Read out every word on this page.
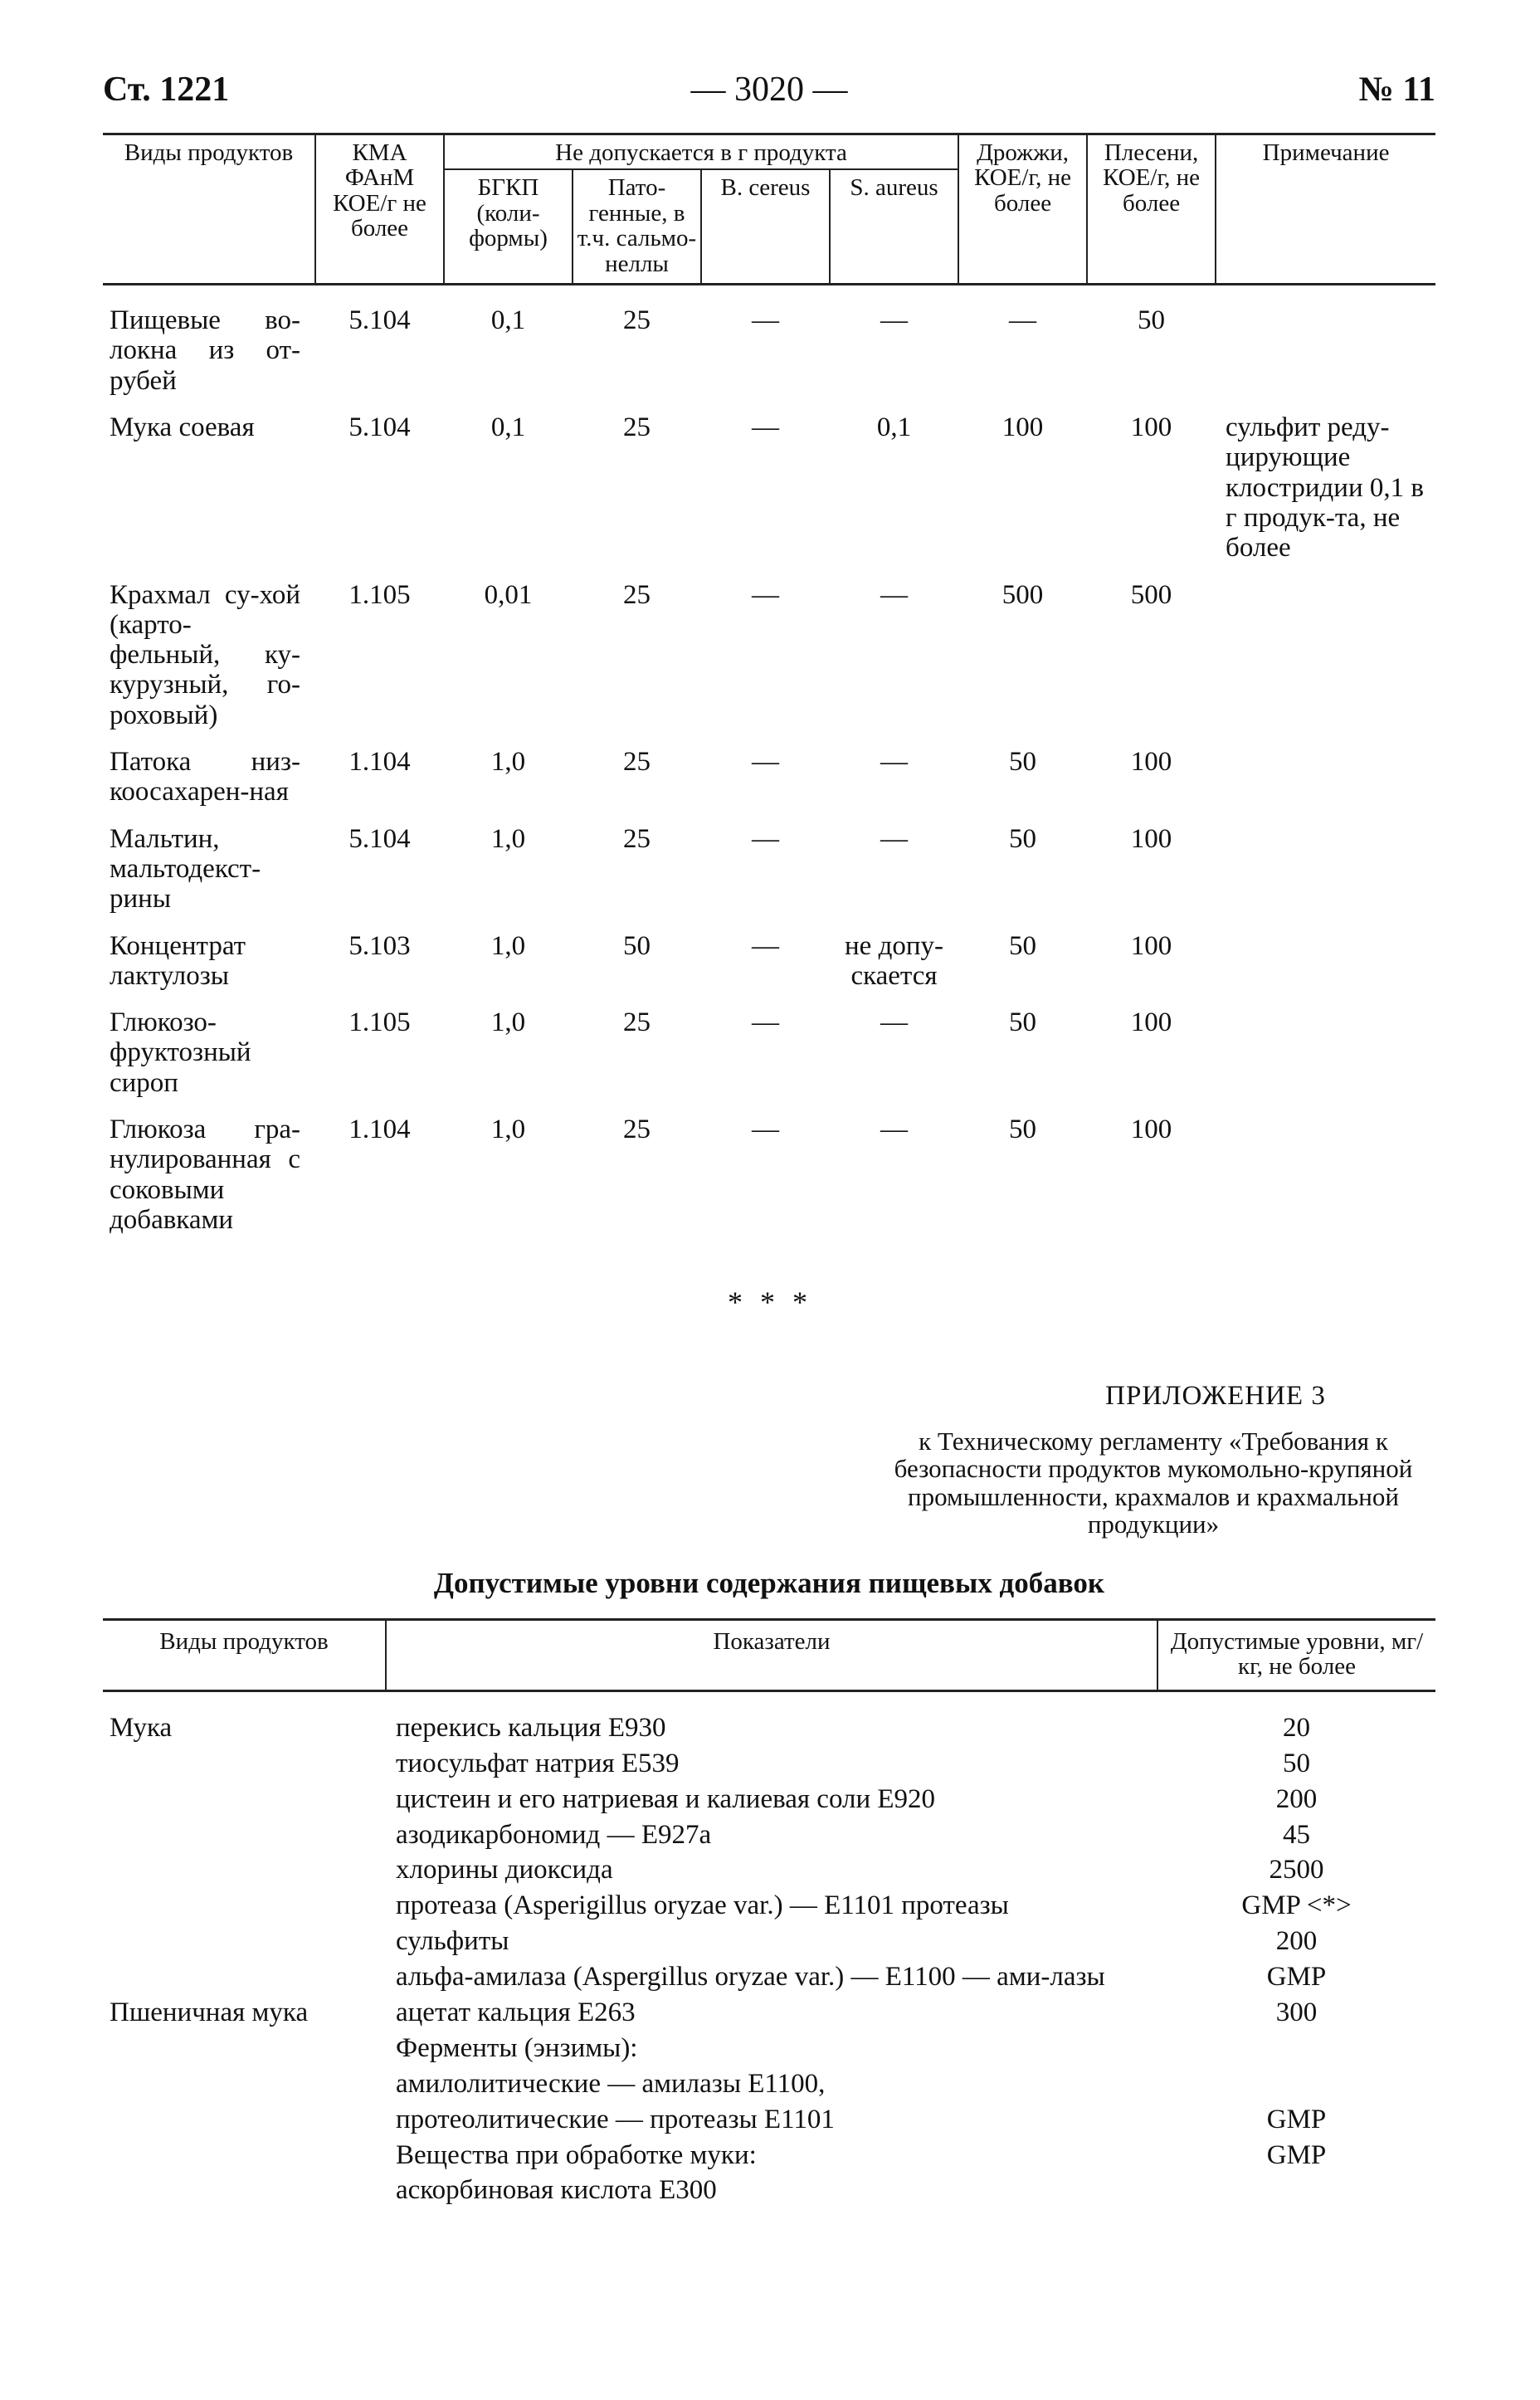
Ст. 1221	— 3020 —	№ 11
Виды продуктов	КМА ФАнМ КОЕ/г не более	Не допускается в г продукта				Дрожжи, КОЕ/г, не более	Плесени, КОЕ/г, не более	Примечание
		БГКП (коли-формы)	Пато-генные, в т.ч. сальмо-неллы	B. cereus	S. aureus			
Пищевые во-локна из от-рубей	5.104	0,1	25	—	—	—	50	
Мука соевая	5.104	0,1	25	—	0,1	100	100	сульфит реду-цирующие клостридии 0,1 в г продук-та, не более
Крахмал су-хой (карто-фельный, ку-курузный, го-роховый)	1.105	0,01	25	—	—	500	500	
Патока низ-коосахарен-ная	1.104	1,0	25	—	—	50	100	
Мальтин, мальтодекст-рины	5.104	1,0	25	—	—	50	100	
Концентрат лактулозы	5.103	1,0	50	—	не допу-скается	50	100	
Глюкозо-фруктозный сироп	1.105	1,0	25	—	—	50	100	
Глюкоза гра-нулированная с соковыми добавками	1.104	1,0	25	—	—	50	100	
* * *
ПРИЛОЖЕНИЕ 3
к Техническому регламенту «Требования к безопасности продуктов мукомольно-крупяной промышленности, крахмалов и крахмальной продукции»
Допустимые уровни содержания пищевых добавок
Виды продуктов	Показатели	Допустимые уровни, мг/кг, не более
Мука	перекись кальция Е930	20
	тиосульфат натрия Е539	50
	цистеин и его натриевая и калиевая соли Е920	200
	азодикарбономид — Е927а	45
	хлорины диоксида	2500
	протеаза (Asperigillus oryzae var.) — Е1101 протеазы	GMP <*>
	сульфиты	200
	альфа-амилаза (Aspergillus oryzae var.) — Е1100 — ами-лазы	GMP
Пшеничная мука	ацетат кальция Е263	300
	Ферменты (энзимы):	
	амилолитические — амилазы Е1100,	
	протеолитические — протеазы Е1101	GMP
	Вещества при обработке муки:	GMP
	аскорбиновая кислота Е300	
